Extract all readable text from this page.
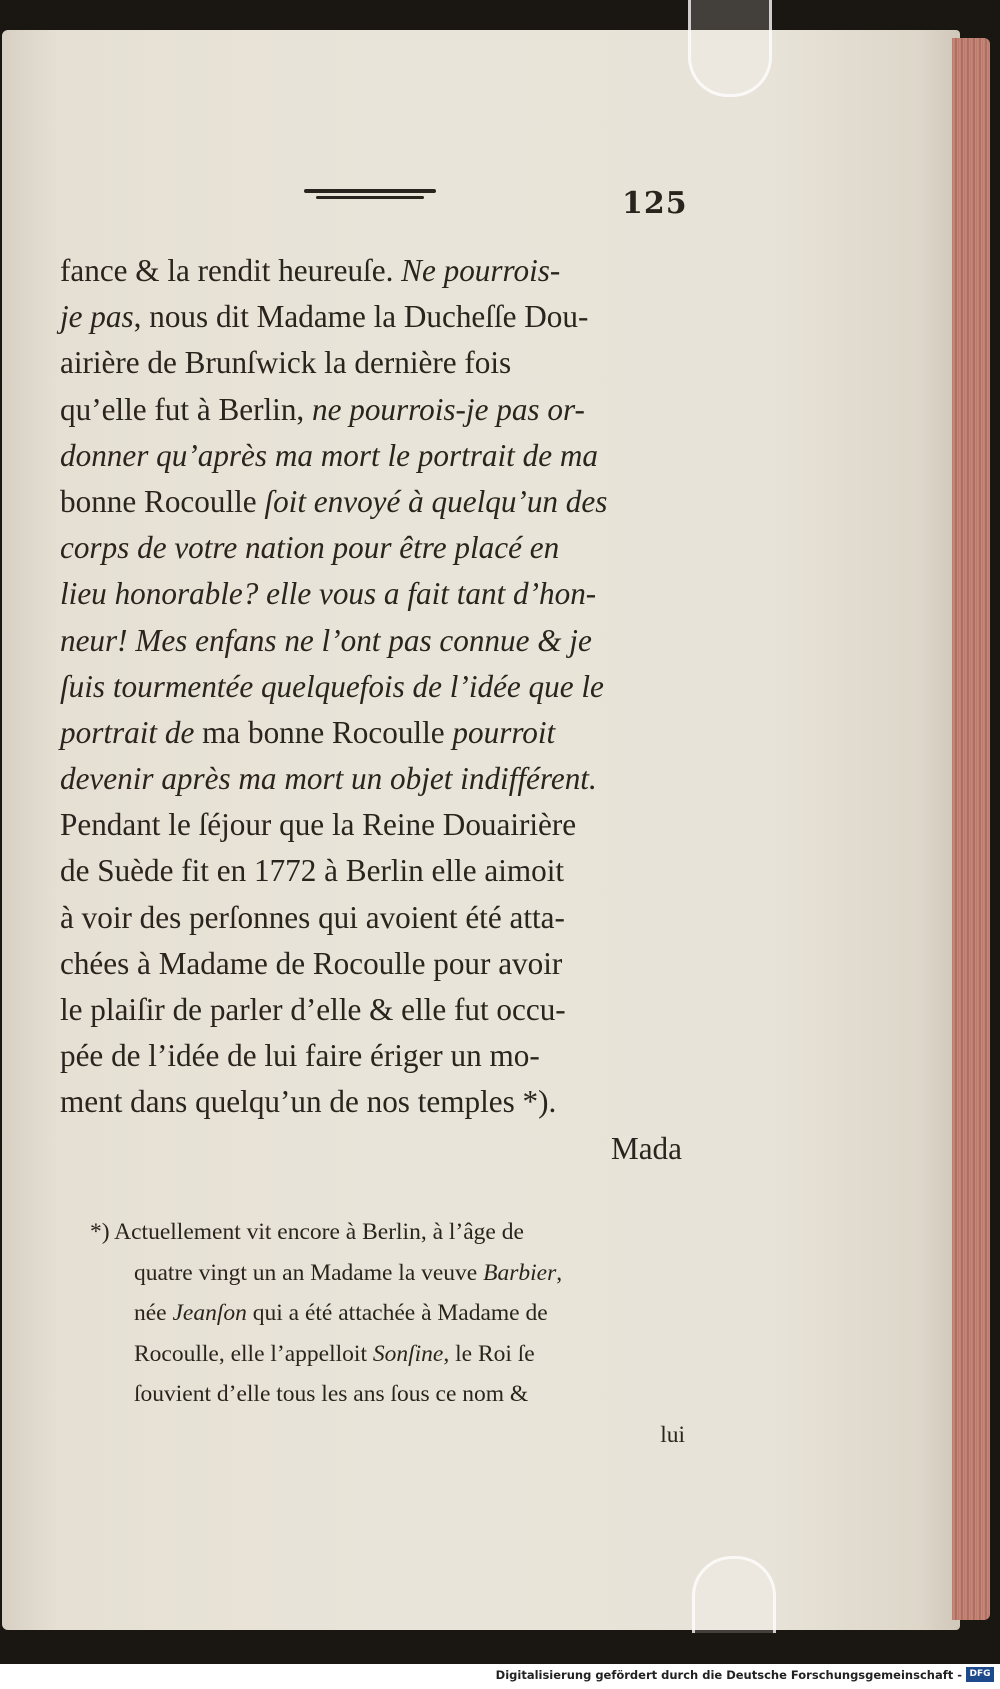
125
fance & la rendit heureuſe. Ne pourrois-
je pas, nous dit Madame la Ducheſſe Dou-
airière de Brunſwick la dernière fois
qu’elle fut à Berlin, ne pourrois-je pas or-
donner qu’après ma mort le portrait de ma
bonne Rocoulle ſoit envoyé à quelqu’un des
corps de votre nation pour être placé en
lieu honorable? elle vous a fait tant d’hon-
neur! Mes enfans ne l’ont pas connue & je
ſuis tourmentée quelquefois de l’idée que le
portrait de ma bonne Rocoulle pourroit
devenir après ma mort un objet indifférent.
Pendant le ſéjour que la Reine Douairière
de Suède fit en 1772 à Berlin elle aimoit
à voir des perſonnes qui avoient été atta-
chées à Madame de Rocoulle pour avoir
le plaiſir de parler d’elle & elle fut occu-
pée de l’idée de lui faire ériger un mo-
ment dans quelqu’un de nos temples *).
Mada
*) Actuellement vit encore à Berlin, à l’âge de
quatre vingt un an Madame la veuve Barbier,
née Jeanſon qui a été attachée à Madame de
Rocoulle, elle l’appelloit Sonſine, le Roi ſe
ſouvient d’elle tous les ans ſous ce nom &
lui
Digitalisierung gefördert durch die Deutsche Forschungsgemeinschaft - DFG
